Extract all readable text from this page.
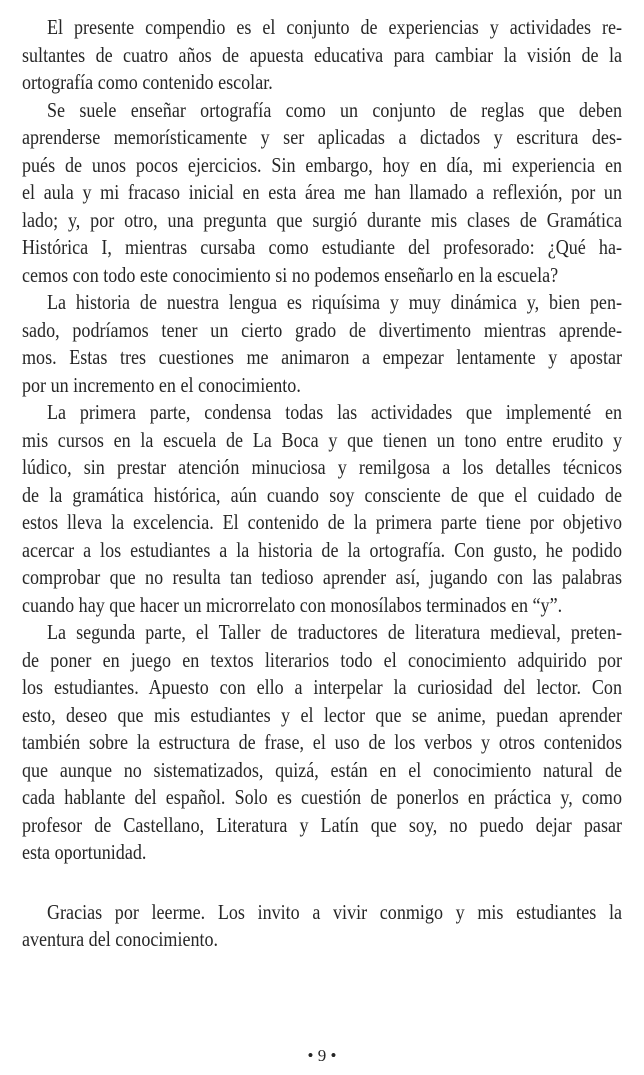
El presente compendio es el conjunto de experiencias y actividades re-
sultantes de cuatro años de apuesta educativa para cambiar la visión de la
ortografía como contenido escolar.
Se suele enseñar ortografía como un conjunto de reglas que deben
aprenderse memorísticamente y ser aplicadas a dictados y escritura des-
pués de unos pocos ejercicios. Sin embargo, hoy en día, mi experiencia en
el aula y mi fracaso inicial en esta área me han llamado a reflexión, por un
lado; y, por otro, una pregunta que surgió durante mis clases de Gramática
Histórica I, mientras cursaba como estudiante del profesorado: ¿Qué ha-
cemos con todo este conocimiento si no podemos enseñarlo en la escuela?
La historia de nuestra lengua es riquísima y muy dinámica y, bien pen-
sado, podríamos tener un cierto grado de divertimento mientras aprende-
mos. Estas tres cuestiones me animaron a empezar lentamente y apostar
por un incremento en el conocimiento.
La primera parte, condensa todas las actividades que implementé en
mis cursos en la escuela de La Boca y que tienen un tono entre erudito y
lúdico, sin prestar atención minuciosa y remilgosa a los detalles técnicos
de la gramática histórica, aún cuando soy consciente de que el cuidado de
estos lleva la excelencia. El contenido de la primera parte tiene por objetivo
acercar a los estudiantes a la historia de la ortografía. Con gusto, he podido
comprobar que no resulta tan tedioso aprender así, jugando con las palabras
cuando hay que hacer un microrrelato con monosílabos terminados en “y”.
La segunda parte, el Taller de traductores de literatura medieval, preten-
de poner en juego en textos literarios todo el conocimiento adquirido por
los estudiantes. Apuesto con ello a interpelar la curiosidad del lector. Con
esto, deseo que mis estudiantes y el lector que se anime, puedan aprender
también sobre la estructura de frase, el uso de los verbos y otros contenidos
que aunque no sistematizados, quizá, están en el conocimiento natural de
cada hablante del español. Solo es cuestión de ponerlos en práctica y, como
profesor de Castellano, Literatura y Latín que soy, no puedo dejar pasar
esta oportunidad.
Gracias por leerme. Los invito a vivir conmigo y mis estudiantes la
aventura del conocimiento.
• 9 •
